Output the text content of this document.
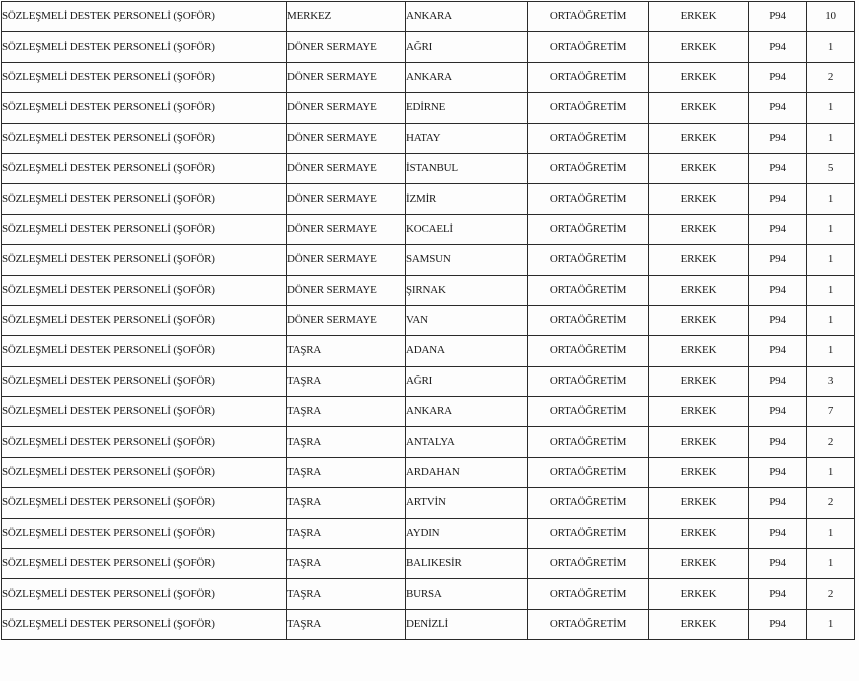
SÖZLEŞMELİ DESTEK PERSONELİ (ŞOFÖR)	MERKEZ	ANKARA	ORTAÖĞRETİM	ERKEK	P94	10
SÖZLEŞMELİ DESTEK PERSONELİ (ŞOFÖR)	DÖNER SERMAYE	AĞRI	ORTAÖĞRETİM	ERKEK	P94	1
SÖZLEŞMELİ DESTEK PERSONELİ (ŞOFÖR)	DÖNER SERMAYE	ANKARA	ORTAÖĞRETİM	ERKEK	P94	2
SÖZLEŞMELİ DESTEK PERSONELİ (ŞOFÖR)	DÖNER SERMAYE	EDİRNE	ORTAÖĞRETİM	ERKEK	P94	1
SÖZLEŞMELİ DESTEK PERSONELİ (ŞOFÖR)	DÖNER SERMAYE	HATAY	ORTAÖĞRETİM	ERKEK	P94	1
SÖZLEŞMELİ DESTEK PERSONELİ (ŞOFÖR)	DÖNER SERMAYE	İSTANBUL	ORTAÖĞRETİM	ERKEK	P94	5
SÖZLEŞMELİ DESTEK PERSONELİ (ŞOFÖR)	DÖNER SERMAYE	İZMİR	ORTAÖĞRETİM	ERKEK	P94	1
SÖZLEŞMELİ DESTEK PERSONELİ (ŞOFÖR)	DÖNER SERMAYE	KOCAELİ	ORTAÖĞRETİM	ERKEK	P94	1
SÖZLEŞMELİ DESTEK PERSONELİ (ŞOFÖR)	DÖNER SERMAYE	SAMSUN	ORTAÖĞRETİM	ERKEK	P94	1
SÖZLEŞMELİ DESTEK PERSONELİ (ŞOFÖR)	DÖNER SERMAYE	ŞIRNAK	ORTAÖĞRETİM	ERKEK	P94	1
SÖZLEŞMELİ DESTEK PERSONELİ (ŞOFÖR)	DÖNER SERMAYE	VAN	ORTAÖĞRETİM	ERKEK	P94	1
SÖZLEŞMELİ DESTEK PERSONELİ (ŞOFÖR)	TAŞRA	ADANA	ORTAÖĞRETİM	ERKEK	P94	1
SÖZLEŞMELİ DESTEK PERSONELİ (ŞOFÖR)	TAŞRA	AĞRI	ORTAÖĞRETİM	ERKEK	P94	3
SÖZLEŞMELİ DESTEK PERSONELİ (ŞOFÖR)	TAŞRA	ANKARA	ORTAÖĞRETİM	ERKEK	P94	7
SÖZLEŞMELİ DESTEK PERSONELİ (ŞOFÖR)	TAŞRA	ANTALYA	ORTAÖĞRETİM	ERKEK	P94	2
SÖZLEŞMELİ DESTEK PERSONELİ (ŞOFÖR)	TAŞRA	ARDAHAN	ORTAÖĞRETİM	ERKEK	P94	1
SÖZLEŞMELİ DESTEK PERSONELİ (ŞOFÖR)	TAŞRA	ARTVİN	ORTAÖĞRETİM	ERKEK	P94	2
SÖZLEŞMELİ DESTEK PERSONELİ (ŞOFÖR)	TAŞRA	AYDIN	ORTAÖĞRETİM	ERKEK	P94	1
SÖZLEŞMELİ DESTEK PERSONELİ (ŞOFÖR)	TAŞRA	BALIKESİR	ORTAÖĞRETİM	ERKEK	P94	1
SÖZLEŞMELİ DESTEK PERSONELİ (ŞOFÖR)	TAŞRA	BURSA	ORTAÖĞRETİM	ERKEK	P94	2
SÖZLEŞMELİ DESTEK PERSONELİ (ŞOFÖR)	TAŞRA	DENİZLİ	ORTAÖĞRETİM	ERKEK	P94	1
